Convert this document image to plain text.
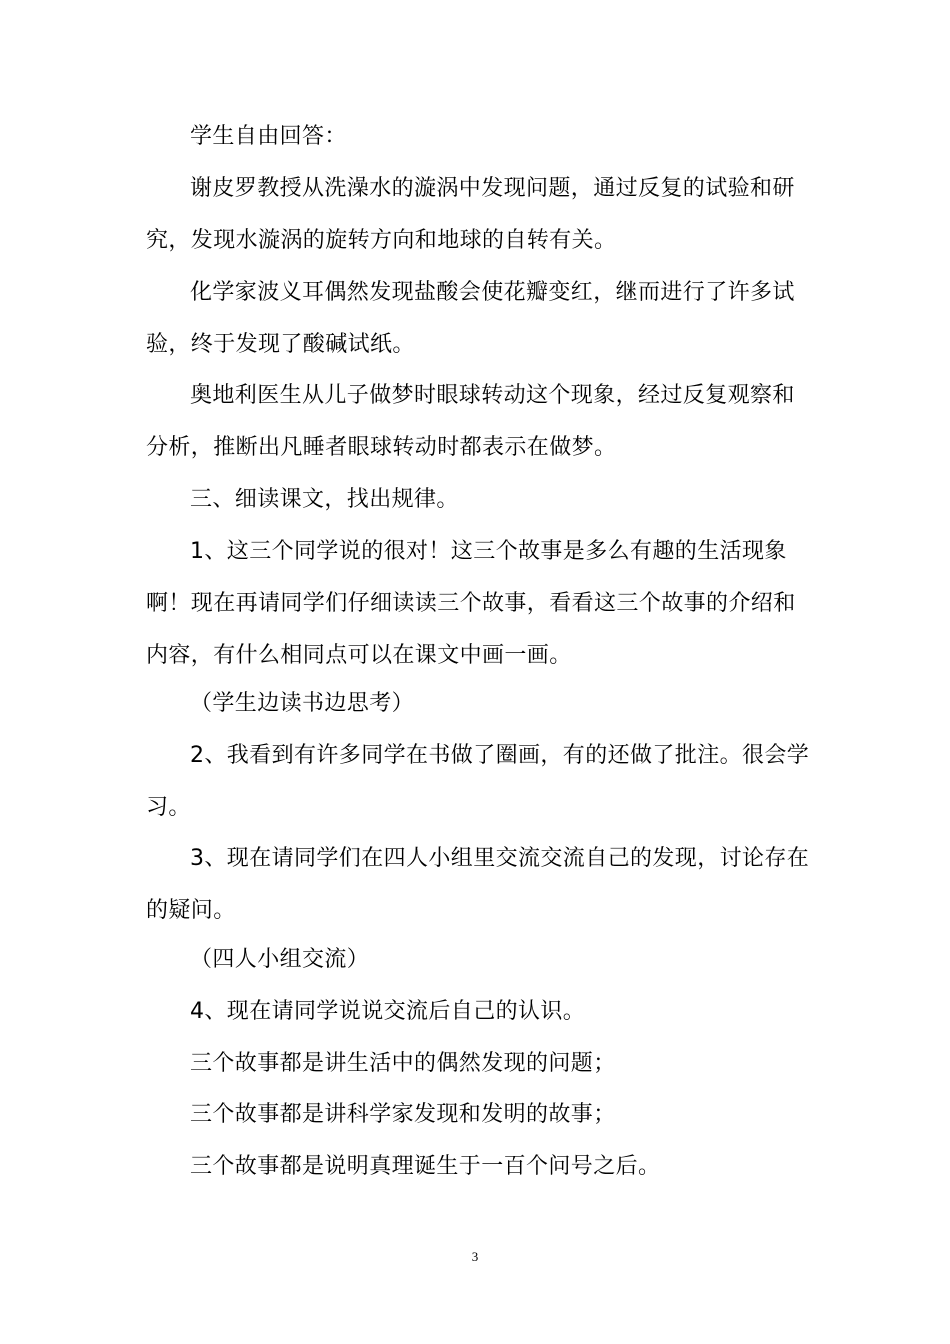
学生自由回答：
谢皮罗教授从洗澡水的漩涡中发现问题，通过反复的试验和研
究，发现水漩涡的旋转方向和地球的自转有关。
化学家波义耳偶然发现盐酸会使花瓣变红，继而进行了许多试
验，终于发现了酸碱试纸。
奥地利医生从儿子做梦时眼球转动这个现象，经过反复观察和
分析，推断出凡睡者眼球转动时都表示在做梦。
三、细读课文，找出规律。
1、这三个同学说的很对！这三个故事是多么有趣的生活现象
啊！现在再请同学们仔细读读三个故事，看看这三个故事的介绍和
内容，有什么相同点可以在课文中画一画。
（学生边读书边思考）
2、我看到有许多同学在书做了圈画，有的还做了批注。很会学
习。
3、现在请同学们在四人小组里交流交流自己的发现，讨论存在
的疑问。
（四人小组交流）
4、现在请同学说说交流后自己的认识。
三个故事都是讲生活中的偶然发现的问题；
三个故事都是讲科学家发现和发明的故事；
三个故事都是说明真理诞生于一百个问号之后。
3
